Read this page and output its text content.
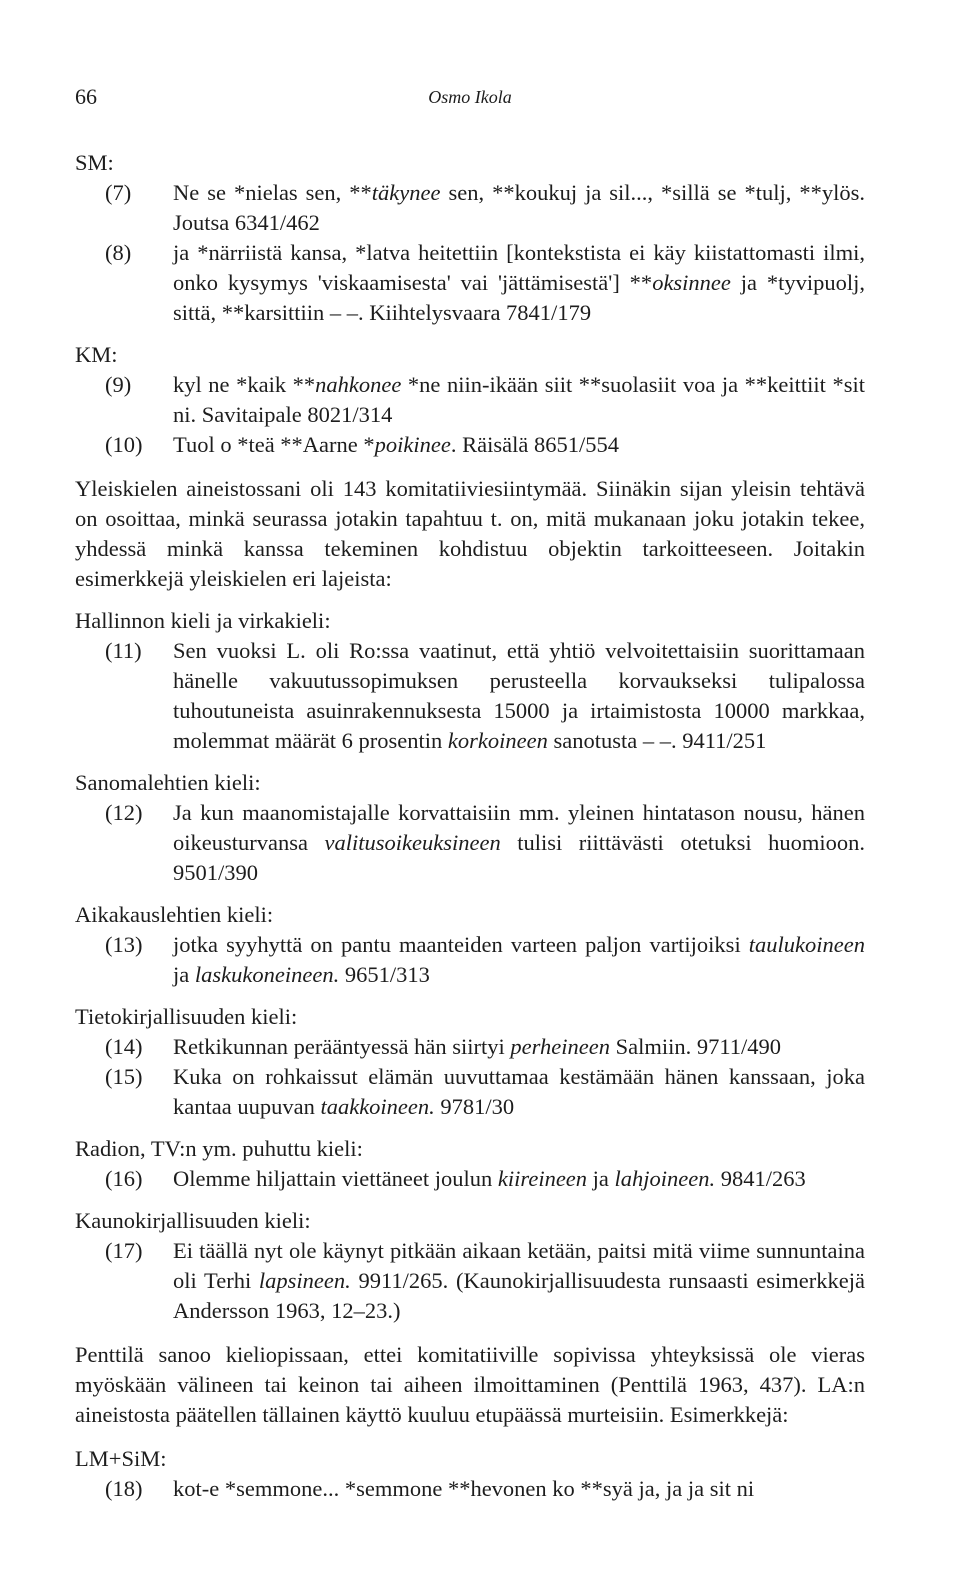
66	Osmo Ikola

SM:

(7) Ne se *nielas sen, **täkynee sen, **koukuj ja sil..., *sillä se *tulj, **ylös. Joutsa 6341/462

(8) ja *närriistä kansa, *latva heitettiin [kontekstista ei käy kiistattomasti ilmi, onko kysymys 'viskaamisesta' vai 'jättämisestä'] **oksinnee ja *tyvipuolj, sittä, **karsittiin – –. Kiihtelysvaara 7841/179

KM:

(9) kyl ne *kaik **nahkonee *ne niin-ikään siit **suolasiit voa ja **keittiit *sit ni. Savitaipale 8021/314

(10) Tuol o *teä **Aarne *poikinee. Räisälä 8651/554

Yleiskielen aineistossani oli 143 komitatiiviesiintymää. Siinäkin sijan yleisin tehtävä on osoittaa, minkä seurassa jotakin tapahtuu t. on, mitä mukanaan joku jotakin tekee, yhdessä minkä kanssa tekeminen kohdistuu objektin tarkoitteeseen. Joitakin esimerkkejä yleiskielen eri lajeista:

Hallinnon kieli ja virkakieli:

(11) Sen vuoksi L. oli Ro:ssa vaatinut, että yhtiö velvoitettaisiin suorittamaan hänelle vakuutussopimuksen perusteella korvaukseksi tulipalossa tuhoutuneista asuinrakennuksesta 15000 ja irtaimistosta 10000 markkaa, molemmat määrät 6 prosentin korkoineen sanotusta – –. 9411/251

Sanomalehtien kieli:

(12) Ja kun maanomistajalle korvattaisiin mm. yleinen hintatason nousu, hänen oikeusturvansa valitusoikeuksineen tulisi riittävästi otetuksi huomioon. 9501/390

Aikakauslehtien kieli:

(13) jotka syyhyttä on pantu maanteiden varteen paljon vartijoiksi taulukoineen ja laskukoneineen. 9651/313

Tietokirjallisuuden kieli:

(14) Retkikunnan perääntyessä hän siirtyi perheineen Salmiin. 9711/490

(15) Kuka on rohkaissut elämän uuvuttamaa kestämään hänen kanssaan, joka kantaa uupuvan taakkoineen. 9781/30

Radion, TV:n ym. puhuttu kieli:

(16) Olemme hiljattain viettäneet joulun kiireineen ja lahjoineen. 9841/263

Kaunokirjallisuuden kieli:

(17) Ei täällä nyt ole käynyt pitkään aikaan ketään, paitsi mitä viime sunnuntaina oli Terhi lapsineen. 9911/265. (Kaunokirjallisuudesta runsaasti esimerkkejä Andersson 1963, 12–23.)

Penttilä sanoo kieliopissaan, ettei komitatiiville sopivissa yhteyksissä ole vieras myöskään välineen tai keinon tai aiheen ilmoittaminen (Penttilä 1963, 437). LA:n aineistosta päätellen tällainen käyttö kuuluu etupäässä murteisiin. Esimerkkejä:

LM+SiM:

(18) kot-e *semmone... *semmone **hevonen ko **syä ja, ja ja sit ni
